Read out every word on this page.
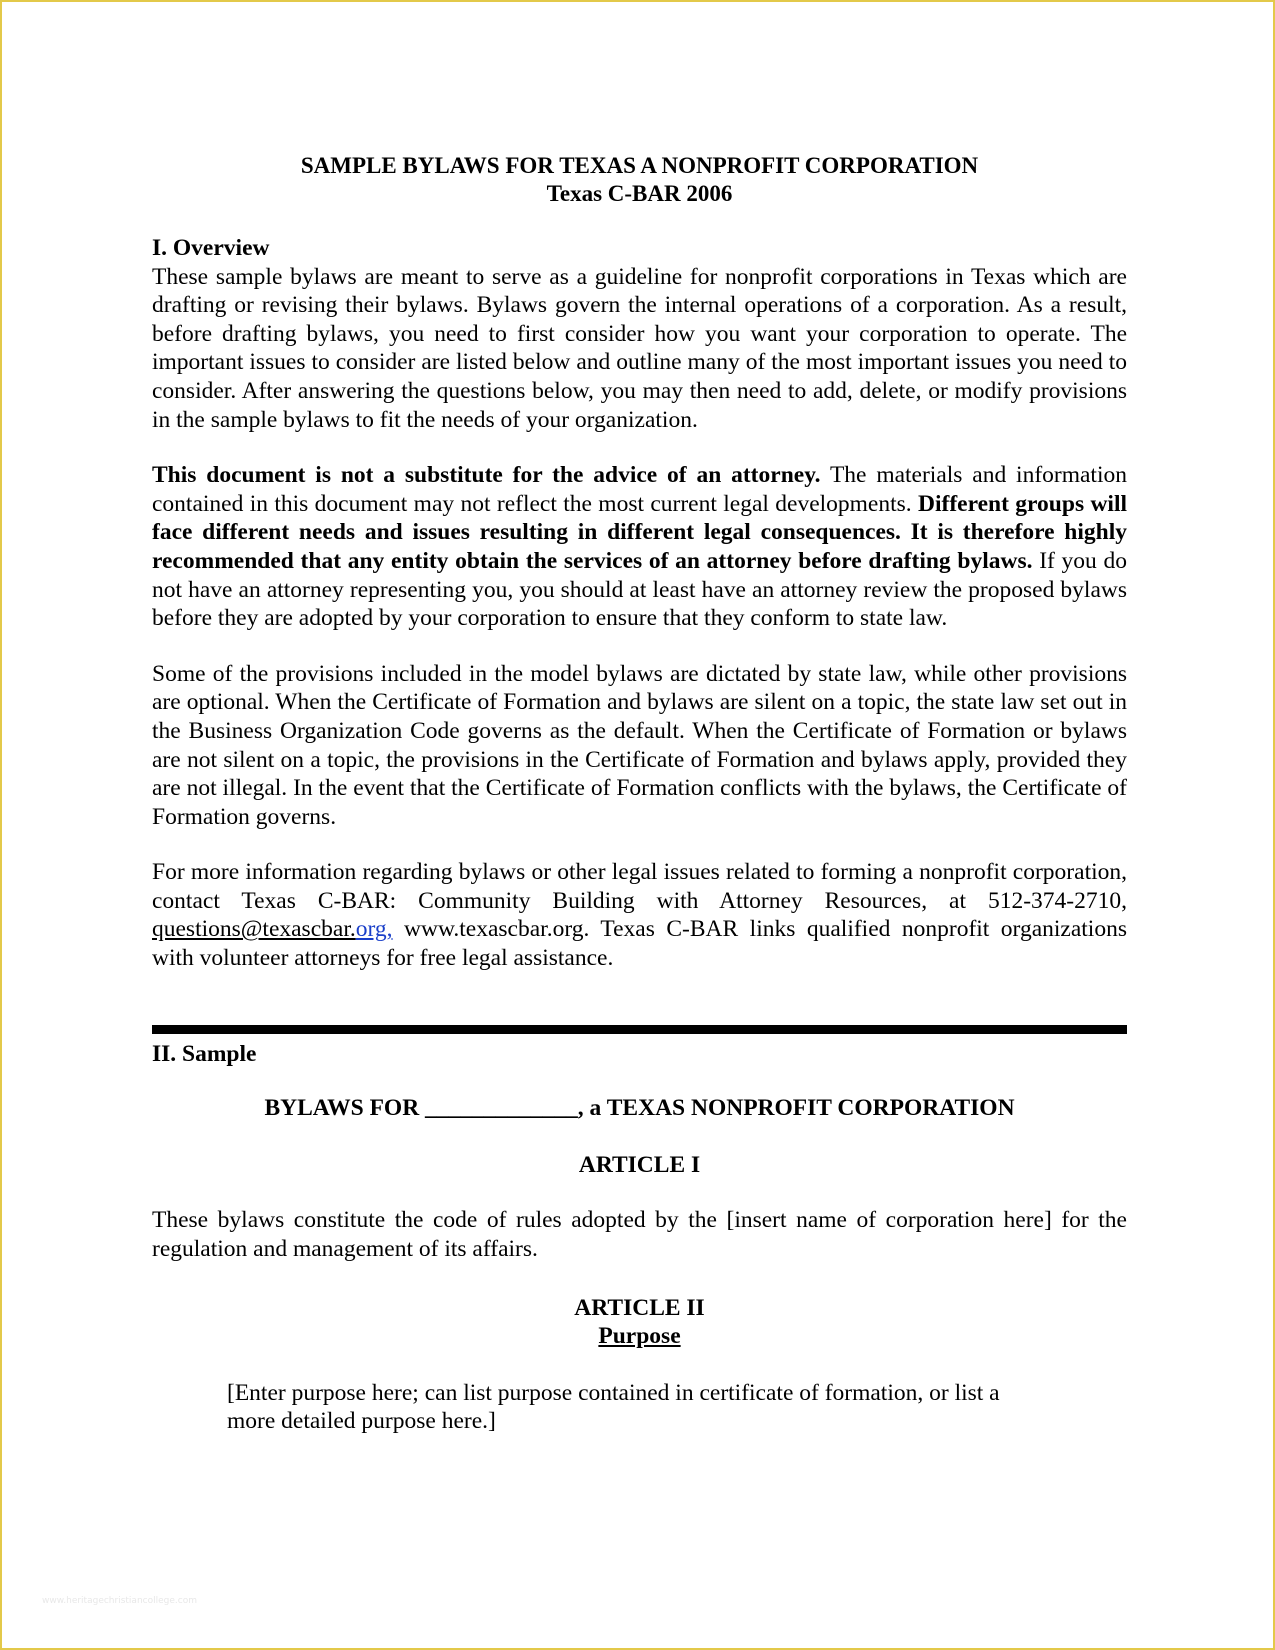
SAMPLE BYLAWS FOR TEXAS A NONPROFIT CORPORATION

Texas C-BAR 2006

I. Overview

These sample bylaws are meant to serve as a guideline for nonprofit corporations in Texas which are drafting or revising their bylaws. Bylaws govern the internal operations of a corporation. As a result, before drafting bylaws, you need to first consider how you want your corporation to operate. The important issues to consider are listed below and outline many of the most important issues you need to consider. After answering the questions below, you may then need to add, delete, or modify provisions in the sample bylaws to fit the needs of your organization.

This document is not a substitute for the advice of an attorney. The materials and information contained in this document may not reflect the most current legal developments. Different groups will face different needs and issues resulting in different legal consequences. It is therefore highly recommended that any entity obtain the services of an attorney before drafting bylaws. If you do not have an attorney representing you, you should at least have an attorney review the proposed bylaws before they are adopted by your corporation to ensure that they conform to state law.

Some of the provisions included in the model bylaws are dictated by state law, while other provisions are optional. When the Certificate of Formation and bylaws are silent on a topic, the state law set out in the Business Organization Code governs as the default. When the Certificate of Formation or bylaws are not silent on a topic, the provisions in the Certificate of Formation and bylaws apply, provided they are not illegal. In the event that the Certificate of Formation conflicts with the bylaws, the Certificate of Formation governs.

For more information regarding bylaws or other legal issues related to forming a nonprofit corporation, contact Texas C-BAR: Community Building with Attorney Resources, at 512-374-2710, questions@texascbar.org, www.texascbar.org. Texas C-BAR links qualified nonprofit organizations with volunteer attorneys for free legal assistance.

II. Sample

BYLAWS FOR _____________, a TEXAS NONPROFIT CORPORATION

ARTICLE I

These bylaws constitute the code of rules adopted by the [insert name of corporation here] for the regulation and management of its affairs.

ARTICLE II

Purpose

[Enter purpose here; can list purpose contained in certificate of formation, or list a more detailed purpose here.]

www.heritagechristiancollege.com
